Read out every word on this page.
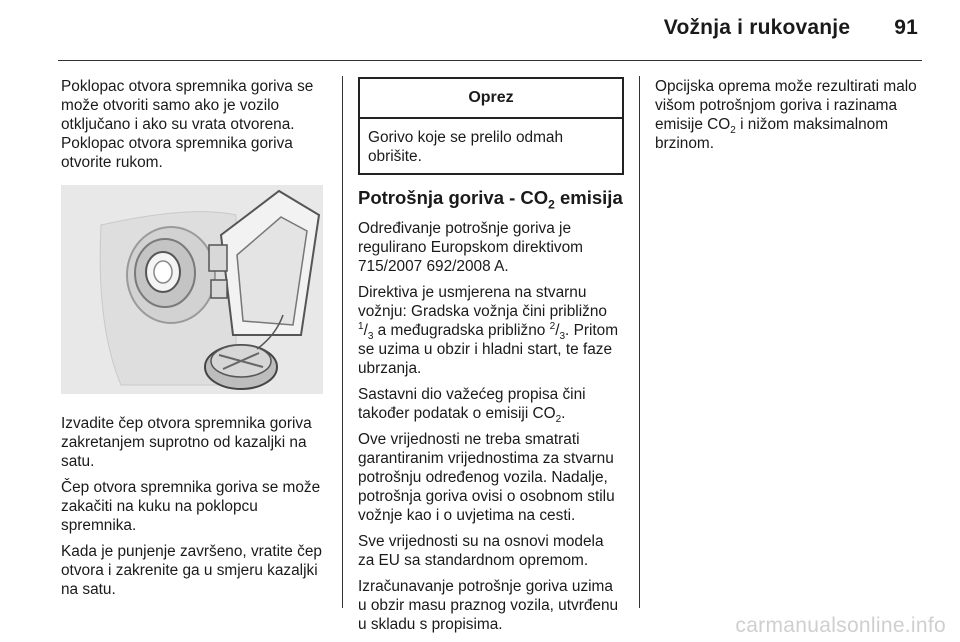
Vožnja i rukovanje 91

Poklopac otvora spremnika goriva se može otvoriti samo ako je vozilo otključano i ako su vrata otvorena. Poklopac otvora spremnika goriva otvorite rukom.

Izvadite čep otvora spremnika goriva zakretanjem suprotno od kazaljki na satu.

Čep otvora spremnika goriva se može zakačiti na kuku na poklopcu spremnika.

Kada je punjenje završeno, vratite čep otvora i zakrenite ga u smjeru kazaljki na satu.

Oprez
Gorivo koje se prelilo odmah obrišite.
Potrošnja goriva - $CO_2$ emisija

Određivanje potrošnje goriva je regulirano Europskom direktivom 715/2007 692/2008 A.

Direktiva je usmjerena na stvarnu vožnju: Gradska vožnja čini približno $^1/_3$ a međugradska približno $^2/_3$. Pritom se uzima u obzir i hladni start, te faze ubrzanja.

Sastavni dio važećeg propisa čini također podatak o emisiji $CO_2$.

Ove vrijednosti ne treba smatrati garantiranim vrijednostima za stvarnu potrošnju određenog vozila. Nadalje, potrošnja goriva ovisi o osobnom stilu vožnje kao i o uvjetima na cesti.

Sve vrijednosti su na osnovi modela za EU sa standardnom opremom.

Izračunavanje potrošnje goriva uzima u obzir masu praznog vozila, utvrđenu u skladu s propisima.

Opcijska oprema može rezultirati malo višom potrošnjom goriva i razinama emisije $CO_2$ i nižom maksimalnom brzinom.

carmanualsonline.info
